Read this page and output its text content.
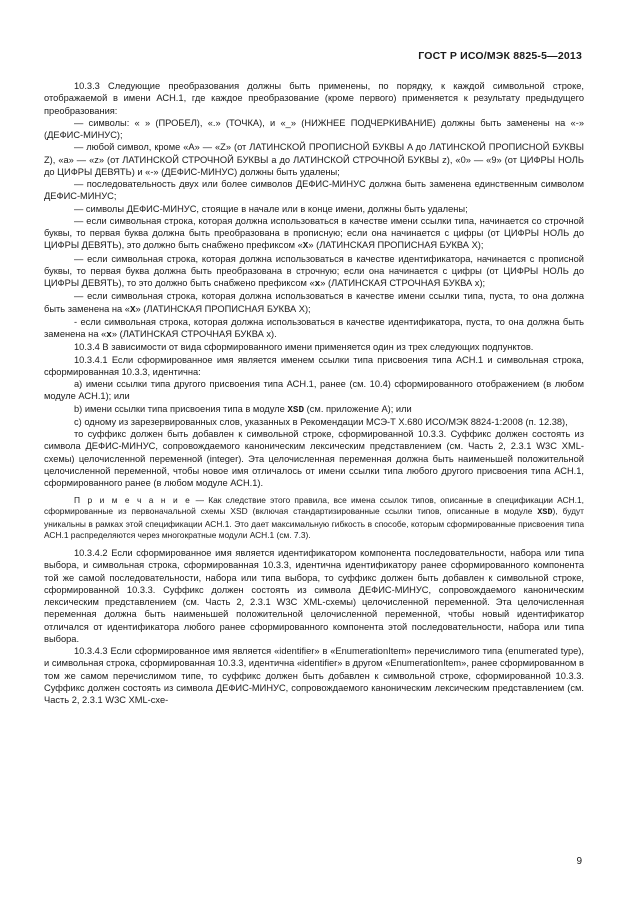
ГОСТ Р ИСО/МЭК 8825-5—2013

10.3.3 Следующие преобразования должны быть применены, по порядку, к каждой символьной строке, отображаемой в имени АСН.1, где каждое преобразование (кроме первого) применяется к результату предыдущего преобразования:

— символы: « » (ПРОБЕЛ), «.» (ТОЧКА), и «_» (НИЖНЕЕ ПОДЧЕРКИВАНИЕ) должны быть заменены на «-» (ДЕФИС-МИНУС);

— любой символ, кроме «A» — «Z» (от ЛАТИНСКОЙ ПРОПИСНОЙ БУКВЫ A до ЛАТИНСКОЙ ПРОПИСНОЙ БУКВЫ Z), «a» — «z» (от ЛАТИНСКОЙ СТРОЧНОЙ БУКВЫ a до ЛАТИНСКОЙ СТРОЧНОЙ БУКВЫ z), «0» — «9» (от ЦИФРЫ НОЛЬ до ЦИФРЫ ДЕВЯТЬ) и «-» (ДЕФИС-МИНУС) должны быть удалены;

— последовательность двух или более символов ДЕФИС-МИНУС должна быть заменена единственным символом ДЕФИС-МИНУС;

— символы ДЕФИС-МИНУС, стоящие в начале или в конце имени, должны быть удалены;

— если символьная строка, которая должна использоваться в качестве имени ссылки типа, начинается со строчной буквы, то первая буква должна быть преобразована в прописную; если она начинается с цифры (от ЦИФРЫ НОЛЬ до ЦИФРЫ ДЕВЯТЬ), это должно быть снабжено префиксом «X» (ЛАТИНСКАЯ ПРОПИСНАЯ БУКВА X);

— если символьная строка, которая должна использоваться в качестве идентификатора, начинается с прописной буквы, то первая буква должна быть преобразована в строчную; если она начинается с цифры (от ЦИФРЫ НОЛЬ до ЦИФРЫ ДЕВЯТЬ), то это должно быть снабжено префиксом «x» (ЛАТИНСКАЯ СТРОЧНАЯ БУКВА x);

— если символьная строка, которая должна использоваться в качестве имени ссылки типа, пуста, то она должна быть заменена на «X» (ЛАТИНСКАЯ ПРОПИСНАЯ БУКВА X);

- если символьная строка, которая должна использоваться в качестве идентификатора, пуста, то она должна быть заменена на «x» (ЛАТИНСКАЯ СТРОЧНАЯ БУКВА x).

10.3.4 В зависимости от вида сформированного имени применяется один из трех следующих подпунктов.

10.3.4.1 Если сформированное имя является именем ссылки типа присвоения типа АСН.1 и символьная строка, сформированная 10.3.3, идентична:

a) имени ссылки типа другого присвоения типа АСН.1, ранее (см. 10.4) сформированного отображением (в любом модуле АСН.1); или

b) имени ссылки типа присвоения типа в модуле XSD (см. приложение А); или

c) одному из зарезервированных слов, указанных в Рекомендации МСЭ-Т X.680 ИСО/МЭК 8824-1:2008 (п. 12.38),

то суффикс должен быть добавлен к символьной строке, сформированной 10.3.3. Суффикс должен состоять из символа ДЕФИС-МИНУС, сопровождаемого каноническим лексическим представлением (см. Часть 2, 2.3.1 W3C XML-схемы) целочисленной переменной (integer). Эта целочисленная переменная должна быть наименьшей положительной целочисленной переменной, чтобы новое имя отличалось от имени ссылки типа любого другого присвоения типа АСН.1, сформированного ранее (в любом модуле АСН.1).

П р и м е ч а н и е — Как следствие этого правила, все имена ссылок типов, описанные в спецификации АСН.1, сформированные из первоначальной схемы XSD (включая стандартизированные ссылки типов, описанные в модуле XSD), будут уникальны в рамках этой спецификации АСН.1. Это дает максимальную гибкость в способе, которым сформированные присвоения типа АСН.1 распределяются через многократные модули АСН.1 (см. 7.3).

10.3.4.2 Если сформированное имя является идентификатором компонента последовательности, набора или типа выбора, и символьная строка, сформированная 10.3.3, идентична идентификатору ранее сформированного компонента той же самой последовательности, набора или типа выбора, то суффикс должен быть добавлен к символьной строке, сформированной 10.3.3. Суффикс должен состоять из символа ДЕФИС-МИНУС, сопровождаемого каноническим лексическим представлением (см. Часть 2, 2.3.1 W3C XML-схемы) целочисленной переменной. Эта целочисленная переменная должна быть наименьшей положительной целочисленной переменной, чтобы новый идентификатор отличался от идентификатора любого ранее сформированного компонента этой последовательности, набора или типа выбора.

10.3.4.3 Если сформированное имя является «identifier» в «EnumerationItem» перечислимого типа (enumerated type), и символьная строка, сформированная 10.3.3, идентична «identifier» в другом «EnumerationItem», ранее сформированном в том же самом перечислимом типе, то суффикс должен быть добавлен к символьной строке, сформированной 10.3.3. Суффикс должен состоять из символа ДЕФИС-МИНУС, сопровождаемого каноническим лексическим представлением (см. Часть 2, 2.3.1 W3C XML-схе-

9
